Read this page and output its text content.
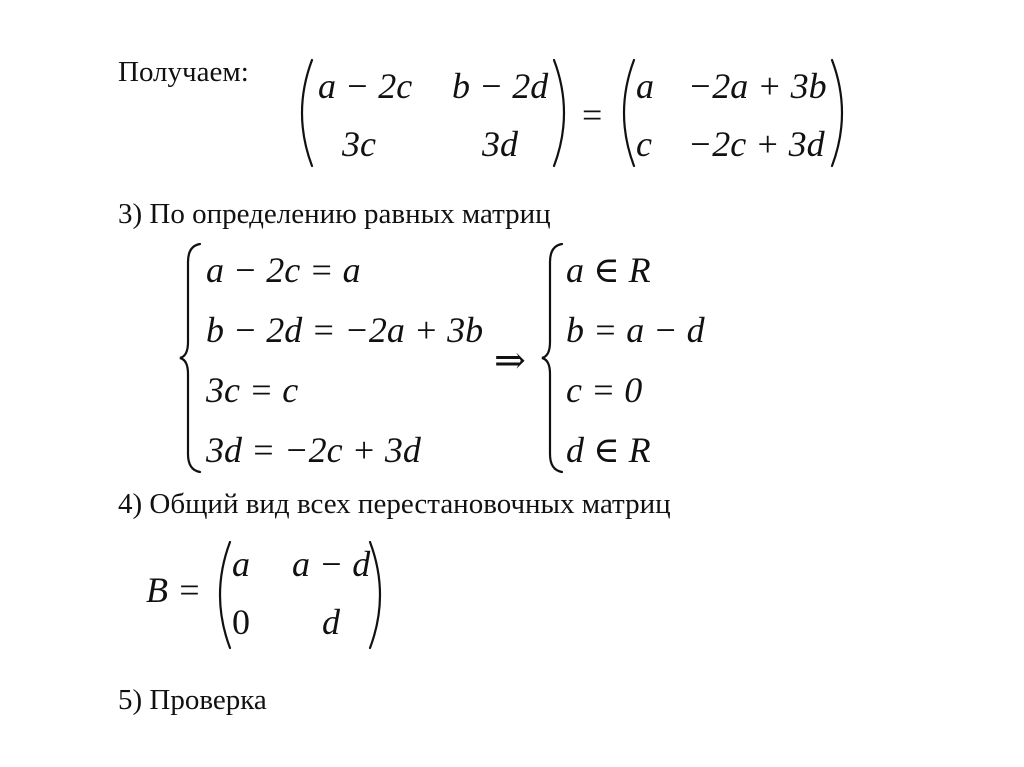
Получаем: a − 2c b − 2d
3c	3d
=
a −2a + 3b
c −2c + 3d
3) По определению равных матриц
a − 2c = a
b − 2d = −2a + 3b
3c = c
3d = −2c + 3d
⇒
a ∈ R
b = a − d
c = 0
d ∈ R
4) Общий вид всех перестановочных матриц
B =
a a − d
0 d
5) Проверка
